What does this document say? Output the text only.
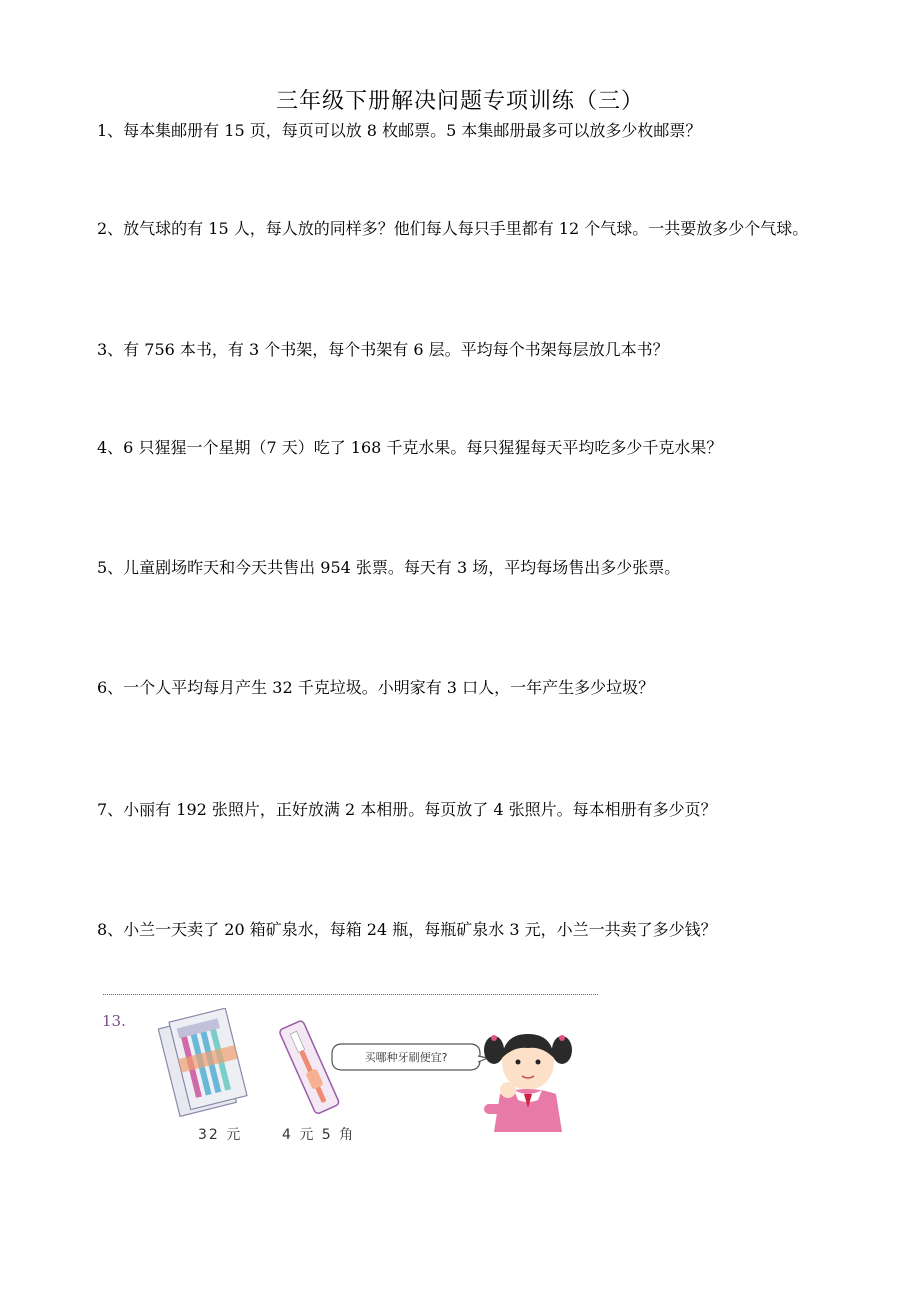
三年级下册解决问题专项训练（三）
1、每本集邮册有 15 页，每页可以放 8 枚邮票。5 本集邮册最多可以放多少枚邮票？
2、放气球的有 15 人，每人放的同样多？他们每人每只手里都有 12 个气球。一共要放多少个气球。
3、有 756 本书，有 3 个书架，每个书架有 6 层。平均每个书架每层放几本书？
4、6 只猩猩一个星期（7 天）吃了 168 千克水果。每只猩猩每天平均吃多少千克水果？
5、儿童剧场昨天和今天共售出 954 张票。每天有 3 场，平均每场售出多少张票。
6、一个人平均每月产生 32 千克垃圾。小明家有 3 口人，一年产生多少垃圾？
7、小丽有 192 张照片，正好放满 2 本相册。每页放了 4 张照片。每本相册有多少页？
8、小兰一天卖了 20 箱矿泉水，每箱 24 瓶，每瓶矿泉水 3 元，小兰一共卖了多少钱？
13.
32 元	4 元 5 角
买哪种牙刷便宜?
